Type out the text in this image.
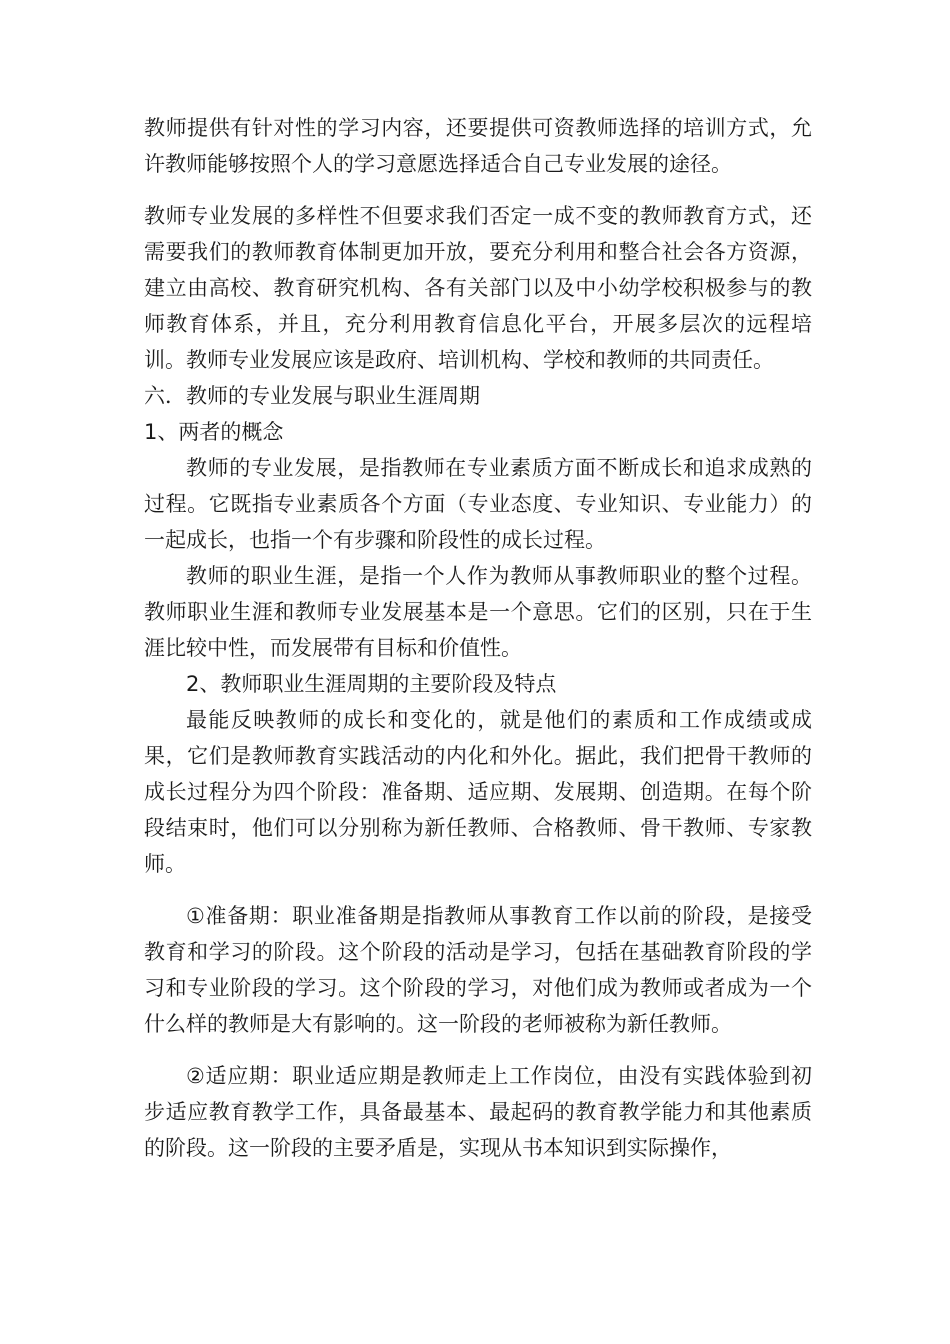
教师提供有针对性的学习内容，还要提供可资教师选择的培训方式，允许教师能够按照个人的学习意愿选择适合自己专业发展的途径。

教师专业发展的多样性不但要求我们否定一成不变的教师教育方式，还需要我们的教师教育体制更加开放，要充分利用和整合社会各方资源，建立由高校、教育研究机构、各有关部门以及中小幼学校积极参与的教师教育体系，并且，充分利用教育信息化平台，开展多层次的远程培训。教师专业发展应该是政府、培训机构、学校和教师的共同责任。

六．教师的专业发展与职业生涯周期

1、两者的概念

教师的专业发展，是指教师在专业素质方面不断成长和追求成熟的过程。它既指专业素质各个方面（专业态度、专业知识、专业能力）的一起成长，也指一个有步骤和阶段性的成长过程。

教师的职业生涯，是指一个人作为教师从事教师职业的整个过程。教师职业生涯和教师专业发展基本是一个意思。它们的区别，只在于生涯比较中性，而发展带有目标和价值性。

2、教师职业生涯周期的主要阶段及特点

最能反映教师的成长和变化的，就是他们的素质和工作成绩或成果，它们是教师教育实践活动的内化和外化。据此，我们把骨干教师的成长过程分为四个阶段：准备期、适应期、发展期、创造期。在每个阶段结束时，他们可以分别称为新任教师、合格教师、骨干教师、专家教师。

①准备期：职业准备期是指教师从事教育工作以前的阶段，是接受教育和学习的阶段。这个阶段的活动是学习，包括在基础教育阶段的学习和专业阶段的学习。这个阶段的学习，对他们成为教师或者成为一个什么样的教师是大有影响的。这一阶段的老师被称为新任教师。

②适应期：职业适应期是教师走上工作岗位，由没有实践体验到初步适应教育教学工作，具备最基本、最起码的教育教学能力和其他素质的阶段。这一阶段的主要矛盾是，实现从书本知识到实际操作，
